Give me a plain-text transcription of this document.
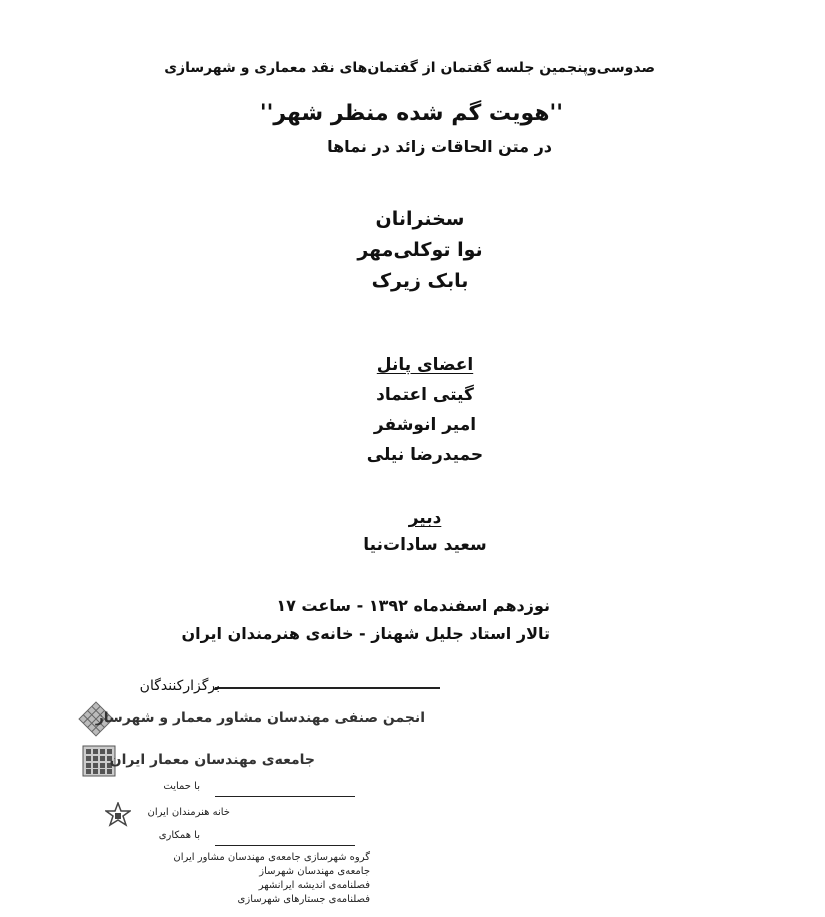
صدوسی‌وپنجمین جلسه گفتمان از گفتمان‌های نقد معماری و شهرسازی
''هویت گم شده منظر شهر''
در متن الحاقات زائد در نماها
سخنرانان
نوا توکلی‌مهر
بابک زیرک
اعضای پانل
گیتی اعتماد
امیر انوشفر
حمیدرضا نیلی
دبیر
سعید سادات‌نیا
نوزدهم اسفندماه ۱۳۹۲ - ساعت ۱۷
تالار استاد جلیل شهناز - خانه‌ی هنرمندان ایران
برگزارکنندگان
انجمن صنفی مهندسان مشاور معمار و شهرساز
جامعه‌ی مهندسان معمار ایران
با حمایت
خانه هنرمندان ایران
با همکاری
گروه شهرسازی جامعه‌ی مهندسان مشاور ایران
جامعه‌ی مهندسان شهرساز
فصلنامه‌ی اندیشه ایرانشهر
فصلنامه‌ی جستارهای شهرسازی
